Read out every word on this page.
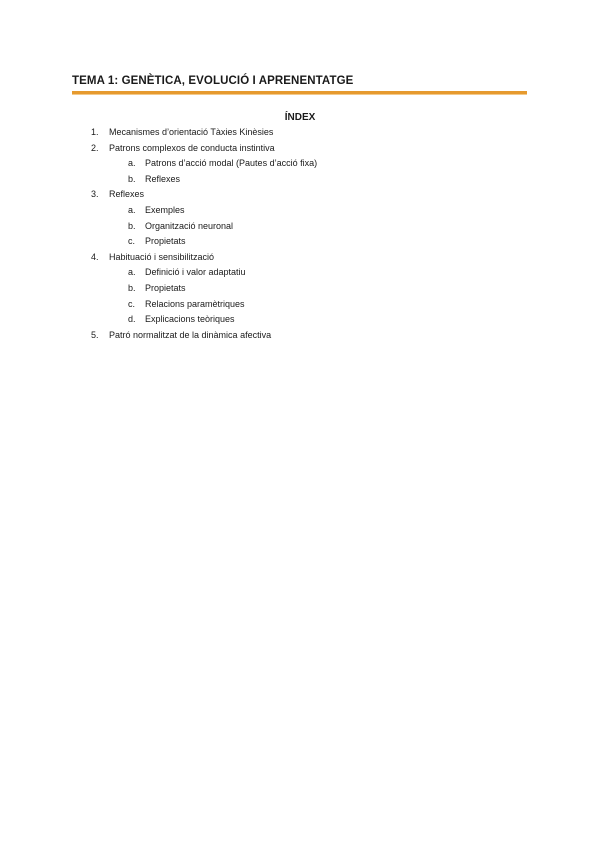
TEMA 1: GENÈTICA, EVOLUCIÓ I APRENENTATGE
ÍNDEX
1. Mecanismes d’orientació Tàxies Kinèsies
2. Patrons complexos de conducta instintiva
a. Patrons d’acció modal (Pautes d’acció fixa)
b. Reflexes
3. Reflexes
a. Exemples
b. Organització neuronal
c. Propietats
4. Habituació i sensibilització
a. Definició i valor adaptatiu
b. Propietats
c. Relacions paramètriques
d. Explicacions teòriques
5. Patró normalitzat de la dinàmica afectiva
